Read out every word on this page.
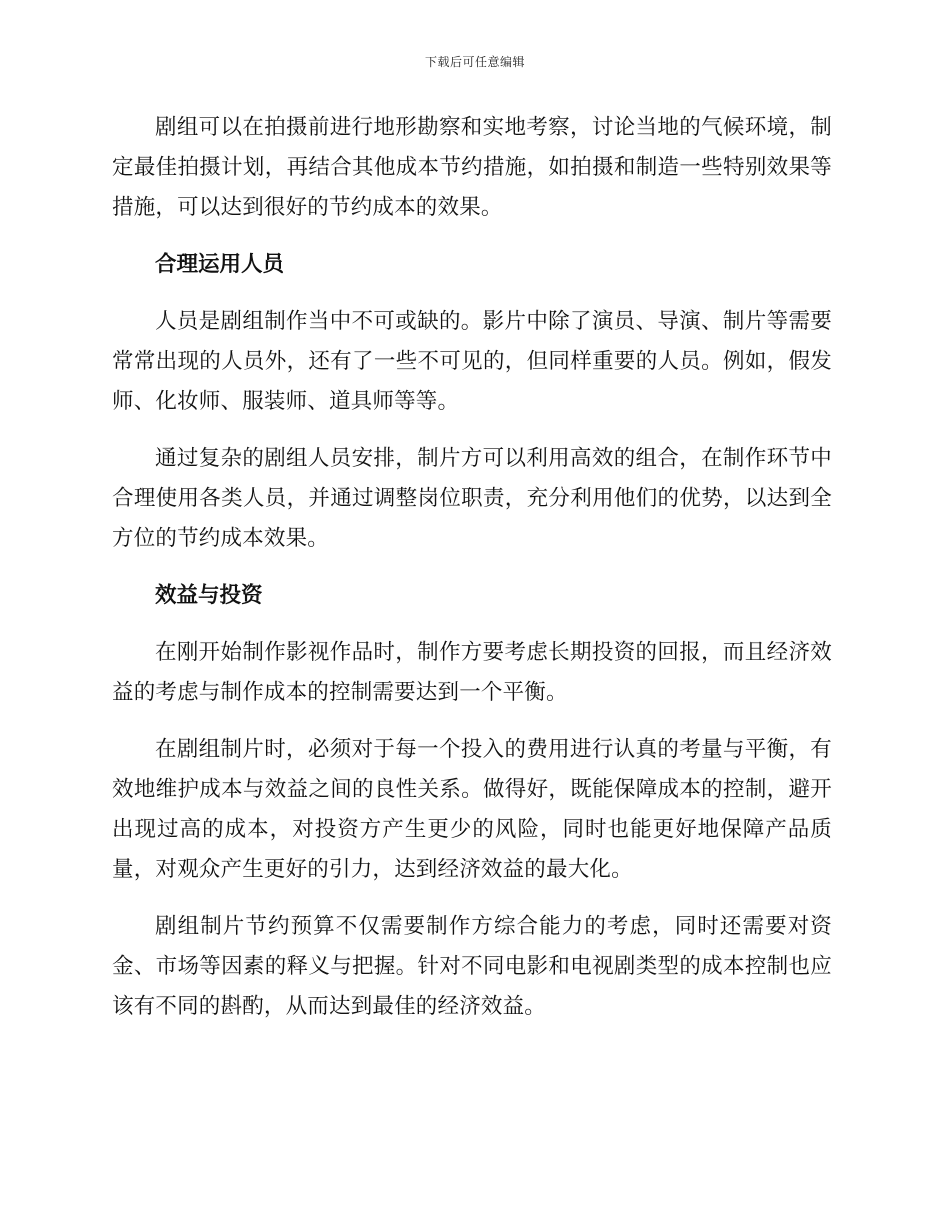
下载后可任意编辑

剧组可以在拍摄前进行地形勘察和实地考察，讨论当地的气候环境，制定最佳拍摄计划，再结合其他成本节约措施，如拍摄和制造一些特别效果等措施，可以达到很好的节约成本的效果。

合理运用人员

人员是剧组制作当中不可或缺的。影片中除了演员、导演、制片等需要常常出现的人员外，还有了一些不可见的，但同样重要的人员。例如，假发师、化妆师、服装师、道具师等等。

通过复杂的剧组人员安排，制片方可以利用高效的组合，在制作环节中合理使用各类人员，并通过调整岗位职责，充分利用他们的优势，以达到全方位的节约成本效果。

效益与投资

在刚开始制作影视作品时，制作方要考虑长期投资的回报，而且经济效益的考虑与制作成本的控制需要达到一个平衡。

在剧组制片时，必须对于每一个投入的费用进行认真的考量与平衡，有效地维护成本与效益之间的良性关系。做得好，既能保障成本的控制，避开出现过高的成本，对投资方产生更少的风险，同时也能更好地保障产品质量，对观众产生更好的引力，达到经济效益的最大化。

剧组制片节约预算不仅需要制作方综合能力的考虑，同时还需要对资金、市场等因素的释义与把握。针对不同电影和电视剧类型的成本控制也应该有不同的斟酌，从而达到最佳的经济效益。
